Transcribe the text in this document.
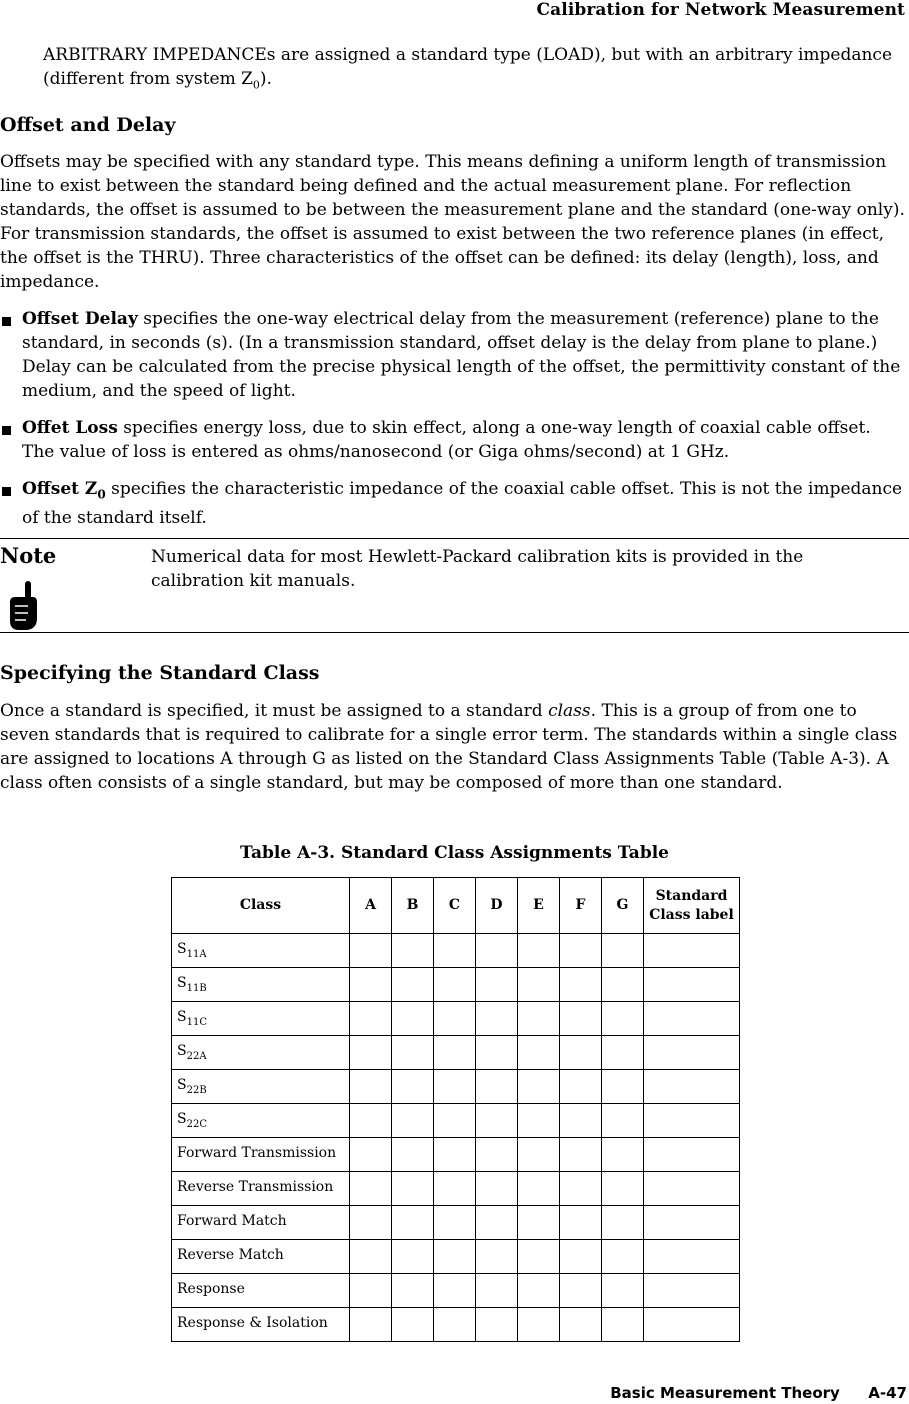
Calibration for Network Measurement

ARBITRARY IMPEDANCEs are assigned a standard type (LOAD), but with an arbitrary impedance (different from system $Z_0$).

Offset and Delay

Offsets may be specified with any standard type. This means defining a uniform length of transmission line to exist between the standard being defined and the actual measurement plane. For reflection standards, the offset is assumed to be between the measurement plane and the standard (one-way only). For transmission standards, the offset is assumed to exist between the two reference planes (in effect, the offset is the THRU). Three characteristics of the offset can be defined: its delay (length), loss, and impedance.

Offset Delay specifies the one-way electrical delay from the measurement (reference) plane to the standard, in seconds (s). (In a transmission standard, offset delay is the delay from plane to plane.) Delay can be calculated from the precise physical length of the offset, the permittivity constant of the medium, and the speed of light.
Offet Loss specifies energy loss, due to skin effect, along a one-way length of coaxial cable offset. The value of loss is entered as ohms/nanosecond (or Giga ohms/second) at 1 GHz.
Offset $Z_0$ specifies the characteristic impedance of the coaxial cable offset. This is not the impedance of the standard itself.
Note	Numerical data for most Hewlett-Packard calibration kits is provided in the calibration kit manuals.

Specifying the Standard Class

Once a standard is specified, it must be assigned to a standard class. This is a group of from one to seven standards that is required to calibrate for a single error term. The standards within a single class are assigned to locations A through G as listed on the Standard Class Assignments Table (Table A-3). A class often consists of a single standard, but may be composed of more than one standard.

Table A-3. Standard Class Assignments Table
Class	A	B	C	D	E	F	G	Standard
Class label
$S_{11A}$								
$S_{11B}$								
$S_{11C}$								
$S_{22A}$								
$S_{22B}$								
$S_{22C}$								
Forward Transmission								
Reverse Transmission								
Forward Match								
Reverse Match								
Response								
Response & Isolation								
Basic Measurement Theory A-47
